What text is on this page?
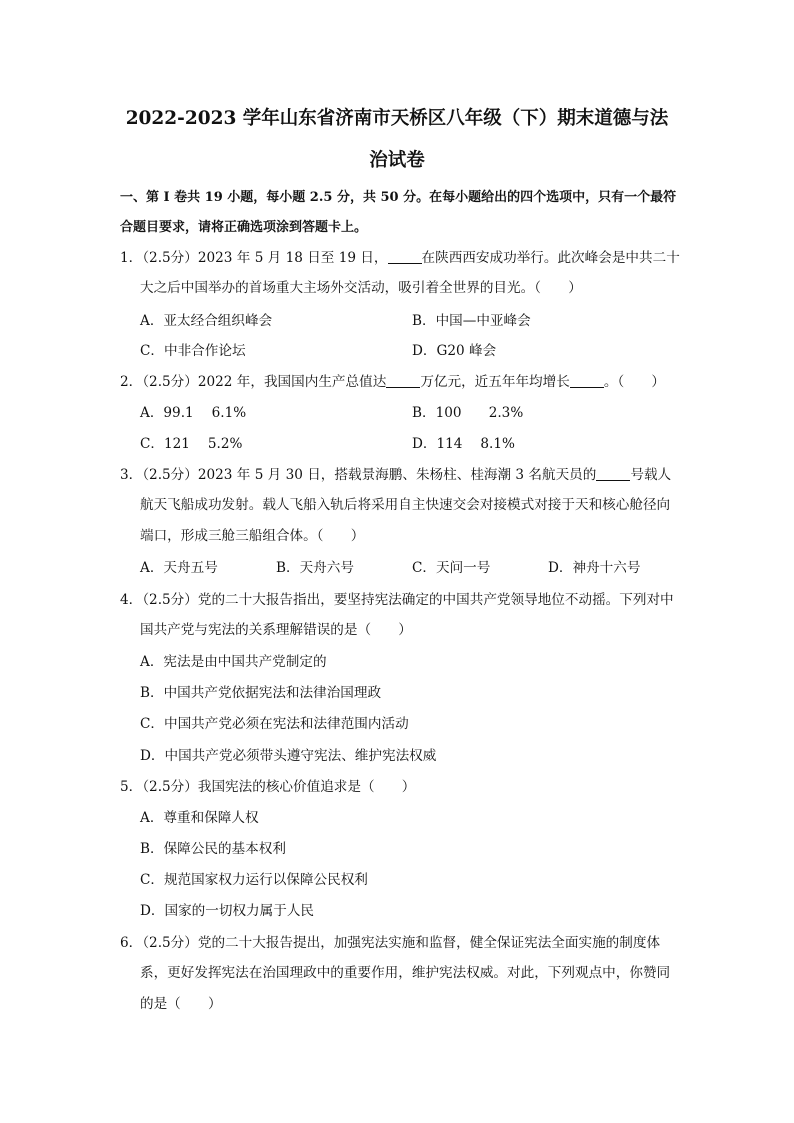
2022-2023 学年山东省济南市天桥区八年级（下）期末道德与法
治试卷
一、第 I 卷共 19 小题，每小题 2.5 分，共 50 分。在每小题给出的四个选项中，只有一个最符合题目要求，请将正确选项涂到答题卡上。
1．（2.5分）2023 年 5 月 18 日至 19 日，	在陕西西安成功举行。此次峰会是中共二十大之后中国举办的首场重大主场外交活动，吸引着全世界的目光。（　　）
A．亚太经合组织峰会	B．中国—中亚峰会
C．中非合作论坛	D．G20 峰会
2．（2.5分）2022 年，我国国内生产总值达	万亿元，近五年年均增长	。（　　）
A．99.1　 6.1%	B．100　　2.3%
C．121　 5.2%	D．114　 8.1%
3．（2.5分）2023 年 5 月 30 日，搭载景海鹏、朱杨柱、桂海潮 3 名航天员的	号载人航天飞船成功发射。载人飞船入轨后将采用自主快速交会对接模式对接于天和核心舱径向端口，形成三舱三船组合体。（　　）
A．天舟五号	B．天舟六号	C．天问一号	D．神舟十六号
4．（2.5分）党的二十大报告指出，要坚持宪法确定的中国共产党领导地位不动摇。下列对中国共产党与宪法的关系理解错误的是（　　）
A．宪法是由中国共产党制定的
B．中国共产党依据宪法和法律治国理政
C．中国共产党必须在宪法和法律范围内活动
D．中国共产党必须带头遵守宪法、维护宪法权威
5．（2.5分）我国宪法的核心价值追求是（　　）
A．尊重和保障人权
B．保障公民的基本权利
C．规范国家权力运行以保障公民权利
D．国家的一切权力属于人民
6．（2.5分）党的二十大报告提出，加强宪法实施和监督，健全保证宪法全面实施的制度体系，更好发挥宪法在治国理政中的重要作用，维护宪法权威。对此，下列观点中，你赞同的是（　　）
